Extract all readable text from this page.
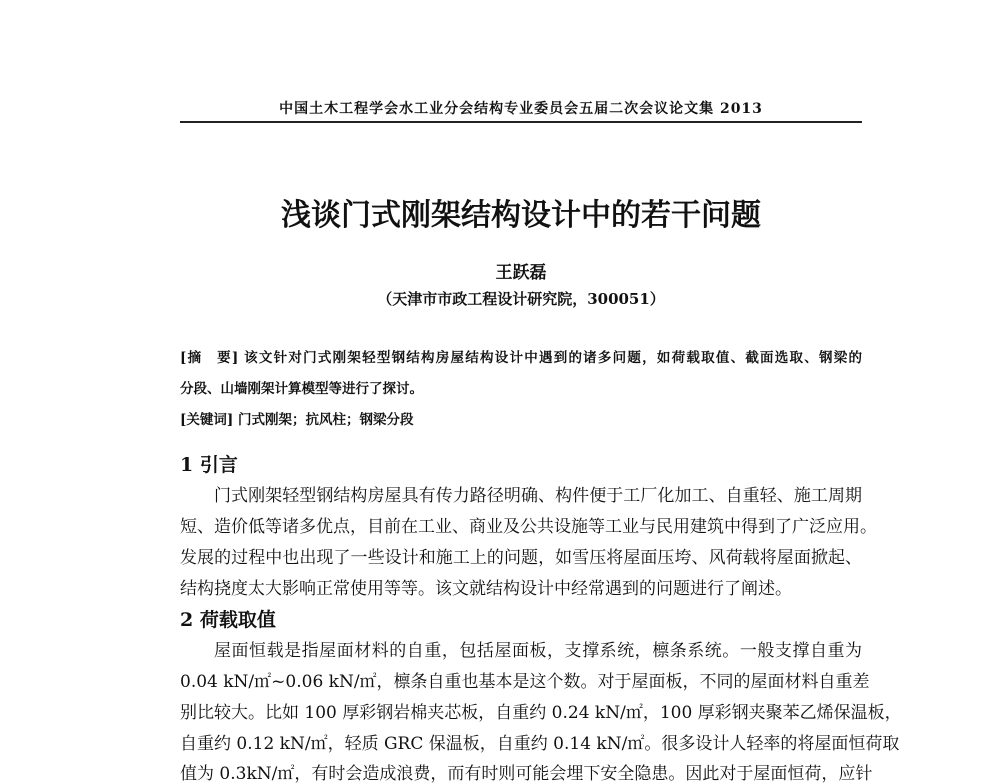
中国土木工程学会水工业分会结构专业委员会五届二次会议论文集 2013
浅谈门式刚架结构设计中的若干问题
王跃磊
（天津市市政工程设计研究院，300051）
[摘　要] 该文针对门式刚架轻型钢结构房屋结构设计中遇到的诸多问题，如荷载取值、截面选取、钢梁的
分段、山墙刚架计算模型等进行了探讨。
[关键词] 门式刚架；抗风柱；钢梁分段
1 引言
门式刚架轻型钢结构房屋具有传力路径明确、构件便于工厂化加工、自重轻、施工周期
短、造价低等诸多优点，目前在工业、商业及公共设施等工业与民用建筑中得到了广泛应用。
发展的过程中也出现了一些设计和施工上的问题，如雪压将屋面压垮、风荷载将屋面掀起、
结构挠度太大影响正常使用等等。该文就结构设计中经常遇到的问题进行了阐述。
2 荷载取值
屋面恒载是指屋面材料的自重，包括屋面板，支撑系统，檩条系统。一般支撑自重为
0.04 kN/㎡~0.06 kN/㎡，檩条自重也基本是这个数。对于屋面板，不同的屋面材料自重差
别比较大。比如 100 厚彩钢岩棉夹芯板，自重约 0.24 kN/㎡，100 厚彩钢夹聚苯乙烯保温板，
自重约 0.12 kN/㎡，轻质 GRC 保温板，自重约 0.14 kN/㎡。很多设计人轻率的将屋面恒荷取
值为 0.3kN/㎡，有时会造成浪费，而有时则可能会埋下安全隐患。因此对于屋面恒荷，应针
